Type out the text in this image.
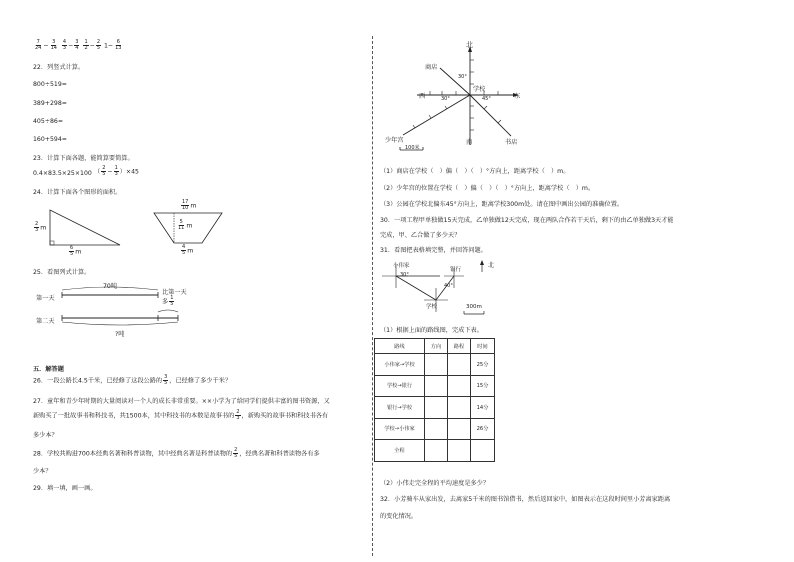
$\frac{7}{24} - \frac{3}{14}$
$\frac{4}{3} - \frac{3}{4}$
$\frac{1}{2} - \frac{2}{5} 1- \frac{6}{13}$
22．列竖式计算。
800÷519=
389+298=
405÷86=
160+594=
23．计算下面各题，能简算要简算。
0.4×83.5×25×100 （ $\frac{2}{5} - \frac{1}{3} )\times 45$
24．计算下面各个图形的面积。
$\frac{2}{3}$ m
$\frac{6}{5}$ m
$\frac{17}{10}$ m
$\frac{5}{11}$ m
$\frac{4}{5}$ m
25．看图列式计算。
70吨
第一天
第二天
比第一天
多 $\frac{1}{5}$
?吨
五．解答题
26．一段公路长4.5千米，已经修了这段公路的 $\frac{3}{5}$ ，已经修了多少千米？
27．童年和青少年时期的大量阅读对一个人的成长非常重要。××小学为了给同学们提供丰富的图书资源，又
新购买了一批故事书和科技书，共1500本，其中科技书的本数是故事书的 $\frac{2}{3}$ ，新购买的故事书和科技书各有
多少本？
28．学校共购进700本经典名著和科普读物，其中经典名著是科普读物的 $\frac{2}{5}$ ，经典名著和科普读物各有多
少本？
29．填一填，画一画。
北
南
东
西
商店
学校
书店
少年宫
30°
30°	45°
100米
（1）商店在学校（　）偏（　）（　）°方向上，距离学校（　）m。
（2）少年宫的位置在学校（　）偏（　）（　）°方向上，距离学校（　）m。
（3）公园在学校北偏东45°方向上，距离学校300m处。请在图中画出公园的准确位置。
30．一项工程甲单独做15天完成，乙单独做12天完成，现在两队合作若干天后，剩下的由乙单独做3天才能
完成，甲、乙合做了多少天？
31．看图把表格填完整，并回答问题。
小伟家
银行
学校
北
30°
40°
300m
（1）根据上面的路线图，完成下表。
路线	方向	路程	时间
小伟家→学校			25分
学校→银行			15分
银行→学校			14分
学校→小伟家			26分
全程			
（2）小伟走完全程的平均速度是多少？
32．小芳骑车从家出发，去离家5千米的图书馆借书，然后返回家中，如图表示在这段时间里小芳离家距离
的变化情况。
